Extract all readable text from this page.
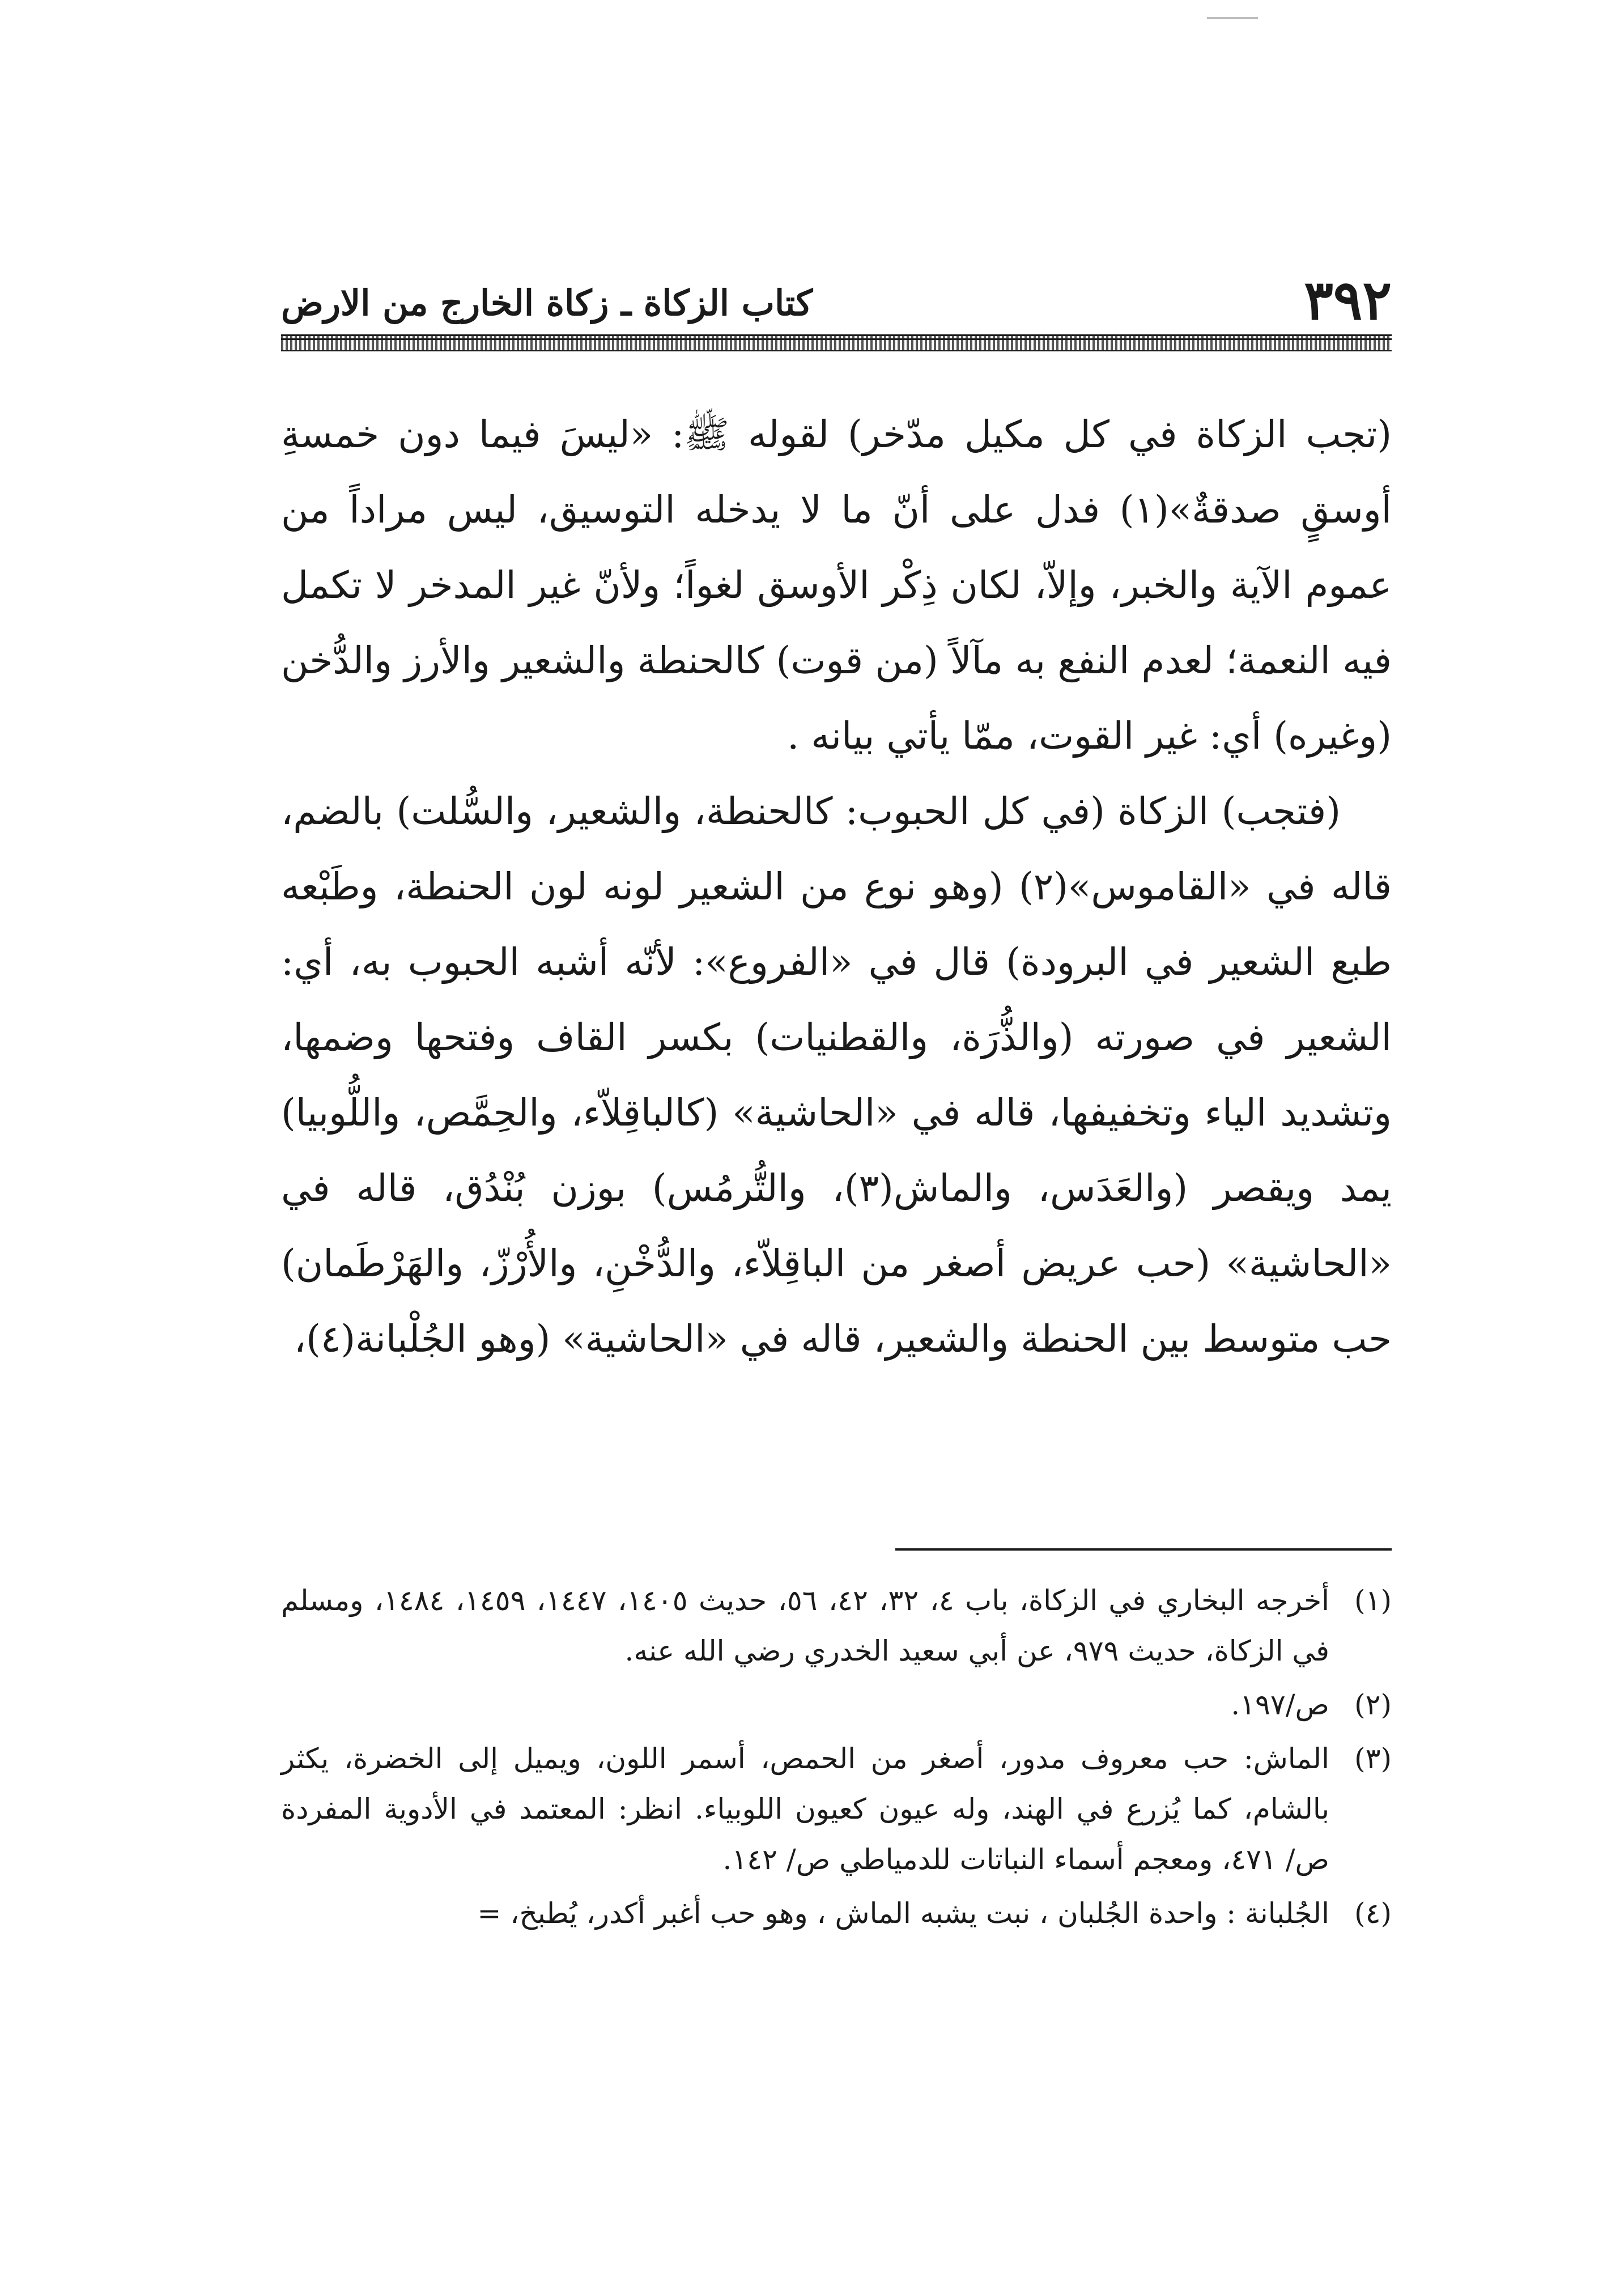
٣٩٢
كتاب الزكاة ـ زكاة الخارج من الارض

(تجب الزكاة في كل مكيل مدّخر) لقوله ﷺ: «ليسَ فيما دون خمسةِ أوسقٍ صدقةٌ»(١) فدل على أنّ ما لا يدخله التوسيق، ليس مراداً من عموم الآية والخبر، وإلاّ، لكان ذِكْر الأوسق لغواً؛ ولأنّ غير المدخر لا تكمل فيه النعمة؛ لعدم النفع به مآلاً (من قوت) كالحنطة والشعير والأرز والدُّخن (وغيره) أي: غير القوت، ممّا يأتي بيانه .

(فتجب) الزكاة (في كل الحبوب: كالحنطة، والشعير، والسُّلت) بالضم، قاله في «القاموس»(٢) (وهو نوع من الشعير لونه لون الحنطة، وطَبْعه طبع الشعير في البرودة) قال في «الفروع»: لأنّه أشبه الحبوب به، أي: الشعير في صورته (والذُّرَة، والقطنيات) بكسر القاف وفتحها وضمها، وتشديد الياء وتخفيفها، قاله في «الحاشية» (كالباقِلاّء، والحِمَّص، واللُّوبيا) يمد ويقصر (والعَدَس، والماش(٣)، والتُّرمُس) بوزن بُنْدُق، قاله في «الحاشية» (حب عريض أصغر من الباقِلاّء، والدُّخْنِ، والأُرْزّ، والهَرْطَمان) حب متوسط بين الحنطة والشعير، قاله في «الحاشية» (وهو الجُلْبانة(٤)،

(١)
أخرجه البخاري في الزكاة، باب ٤، ٣٢، ٤٢، ٥٦، حديث ١٤٠٥، ١٤٤٧، ١٤٥٩، ١٤٨٤، ومسلم في الزكاة، حديث ٩٧٩، عن أبي سعيد الخدري رضي الله عنه.
(٢)
ص/١٩٧.
(٣)
الماش: حب معروف مدور، أصغر من الحمص، أسمر اللون، ويميل إلى الخضرة، يكثر بالشام، كما يُزرع في الهند، وله عيون كعيون اللوبياء. انظر: المعتمد في الأدوية المفردة ص/ ٤٧١، ومعجم أسماء النباتات للدمياطي ص/ ١٤٢.
(٤)
الجُلبانة : واحدة الجُلبان ، نبت يشبه الماش ، وهو حب أغبر أكدر، يُطبخ، =
